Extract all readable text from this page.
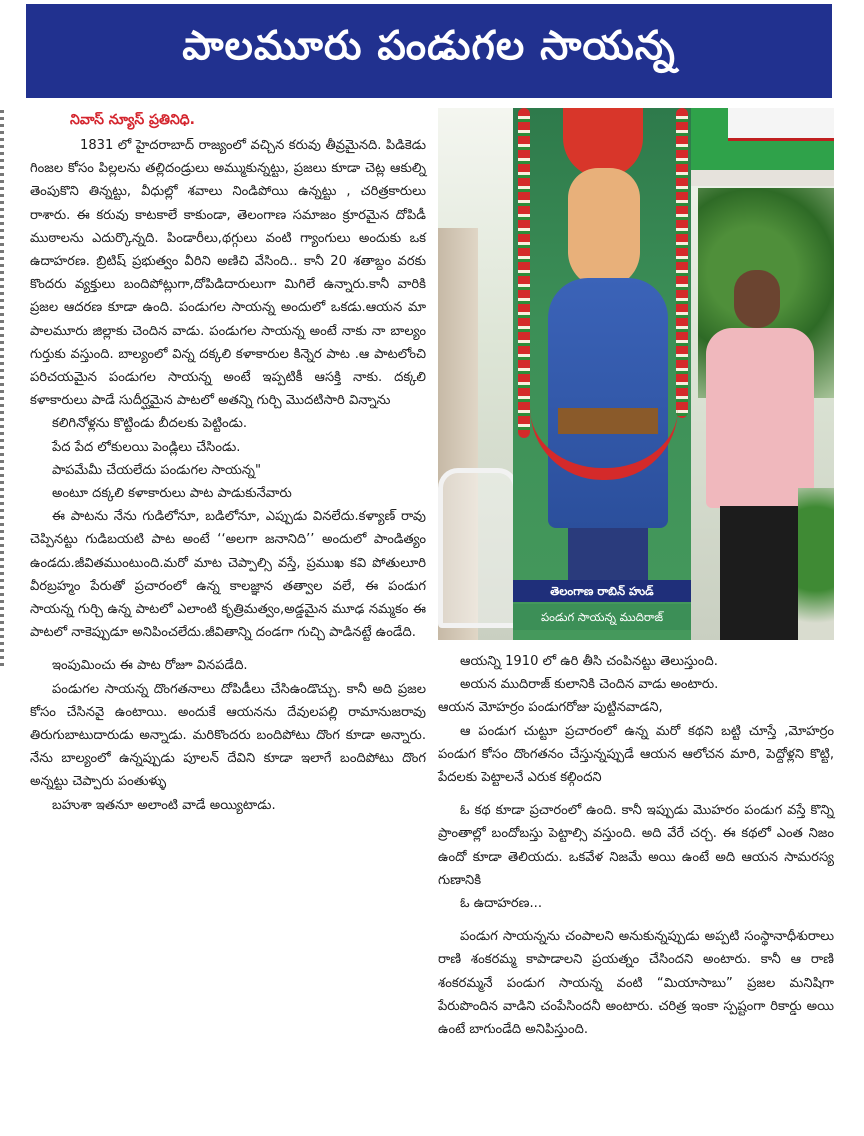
పాలమూరు పండుగల సాయన్న
నివాస్ న్యూస్ ప్రతినిధి.

1831 లో హైదరాబాద్ రాజ్యంలో వచ్చిన కరువు తీవ్రమైనది. పిడికెడు గింజల కోసం పిల్లలను తల్లిదండ్రులు అమ్ముకున్నట్టు, ప్రజలు కూడా చెట్ల ఆకుల్ని తెంపుకొని తిన్నట్టు, వీధుల్లో శవాలు నిండిపోయి ఉన్నట్టు , చరిత్రకారులు రాశారు. ఈ కరువు కాటకాలే కాకుండా, తెలంగాణ సమాజం క్రూరమైన దోపిడీ ముఠాలను ఎదుర్కొన్నది. పిండారీలు,థగ్గులు వంటి గ్యాంగులు అందుకు ఒక ఉదాహరణ. బ్రిటిష్ ప్రభుత్వం వీరిని అణిచి వేసింది.. కానీ 20 శతాబ్దం వరకు కొందరు వ్యక్తులు బందిపోట్లుగా,దోపిడిదారులుగా మిగిలే ఉన్నారు.కానీ వారికి ప్రజల ఆదరణ కూడా ఉంది. పండుగల సాయన్న అందులో ఒకడు.ఆయన మా పాలమూరు జిల్లాకు చెందిన వాడు. పండుగల సాయన్న అంటే నాకు నా బాల్యం గుర్తుకు వస్తుంది. బాల్యంలో విన్న దక్కలి కళాకారుల కిన్నెర పాట .ఆ పాటలోంచి పరిచయమైన పండుగల సాయన్న అంటే ఇప్పటికీ ఆసక్తి నాకు. దక్కలి కళాకారులు పాడే సుదీర్ఘమైన పాటలో అతన్ని గుర్చి మొదటిసారి విన్నాను

కలిగినోళ్లను కొట్టిండు బీదలకు పెట్టిండు.

పేద పేద లోకులయి పెండ్లిలు చేసిండు.

పాపమేమీ చేయలేదు పండుగల సాయన్న"

అంటూ దక్కలి కళాకారులు పాట పాడుకునేవారు

ఈ పాటను నేను గుడిలోనూ, బడిలోనూ, ఎప్పుడు వినలేదు.కళ్యాణ్ రావు చెప్పినట్టు గుడిబయటి పాట అంటే ‘‘అలగా జనానిది’’ అందులో పాండిత్యం ఉండదు.జీవితముంటుంది.మరో మాట చెప్పాల్సి వస్తే, ప్రముఖ కవి పోతులూరి వీరబ్రహ్మం పేరుతో ప్రచారంలో ఉన్న కాలజ్ఞాన తత్వాల వలే, ఈ పండుగ సాయన్న గుర్చి ఉన్న పాటలో ఎలాంటి కృత్రిమత్వం,అడ్డమైన మూఢ నమ్మకం ఈ పాటలో నాకెప్పుడూ అనిపించలేదు.జీవితాన్ని దండగా గుచ్చి పాడినట్టే ఉండేది.

ఇంపుమించు ఈ పాట రోజూ వినపడేది.

పండుగల సాయన్న దొంగతనాలు దోపిడీలు చేసిఉండొచ్చు. కానీ అది ప్రజల కోసం చేసినవై ఉంటాయి. అందుకే ఆయనను దేవులపల్లి రామానుజరావు తిరుగుబాటుదారుడు అన్నాడు. మరికొందరు బందిపోటు దొంగ కూడా అన్నారు. నేను బాల్యంలో ఉన్నప్పుడు పూలన్ దేవిని కూడా ఇలాగే బందిపోటు దొంగ అన్నట్టు చెప్పారు పంతుళ్ళు

బహుశా ఇతనూ అలాంటి వాడే అయ్యిటాడు.

తెలంగాణ రాబిన్ హుడ్
పండుగ సాయన్న ముదిరాజ్

ఆయన్ని 1910 లో ఉరి తీసి చంపినట్టు తెలుస్తుంది.

అయన ముదిరాజ్ కులానికి చెందిన వాడు అంటారు.

ఆయన మోహర్రం పండుగరోజు పుట్టినవాడని,

ఆ పండుగ చుట్టూ ప్రచారంలో ఉన్న మరో కథని బట్టి చూస్తే ,మోహర్రం పండుగ కోసం దొంగతనం చేస్తున్నప్పుడే ఆయన ఆలోచన మారి, పెద్దోళ్లని కొట్టి, పేదలకు పెట్టాలనే ఎరుక కల్గిందని

ఓ కథ కూడా ప్రచారంలో ఉంది. కానీ ఇప్పుడు మొహరం పండుగ వస్తే కొన్ని ప్రాంతాల్లో బందోబస్తు పెట్టాల్సి వస్తుంది. అది వేరే చర్చ. ఈ కథలో ఎంత నిజం ఉందో కూడా తెలియదు. ఒకవేళ నిజమే అయి ఉంటే అది ఆయన సామరస్య గుణానికి

ఓ ఉదాహరణ...

పండుగ సాయన్నను చంపాలని అనుకున్నప్పుడు అప్పటి సంస్థానాధీశురాలు రాణి శంకరమ్మ కాపాడాలని ప్రయత్నం చేసిందని అంటారు. కానీ ఆ రాణి శంకరమ్మనే పండుగ సాయన్న వంటి “మియాసాబు” ప్రజల మనిషిగా పేరుపొందిన వాడిని చంపేసిందనీ అంటారు. చరిత్ర ఇంకా స్పష్టంగా రికార్డు అయి ఉంటే బాగుండేది అనిపిస్తుంది.
